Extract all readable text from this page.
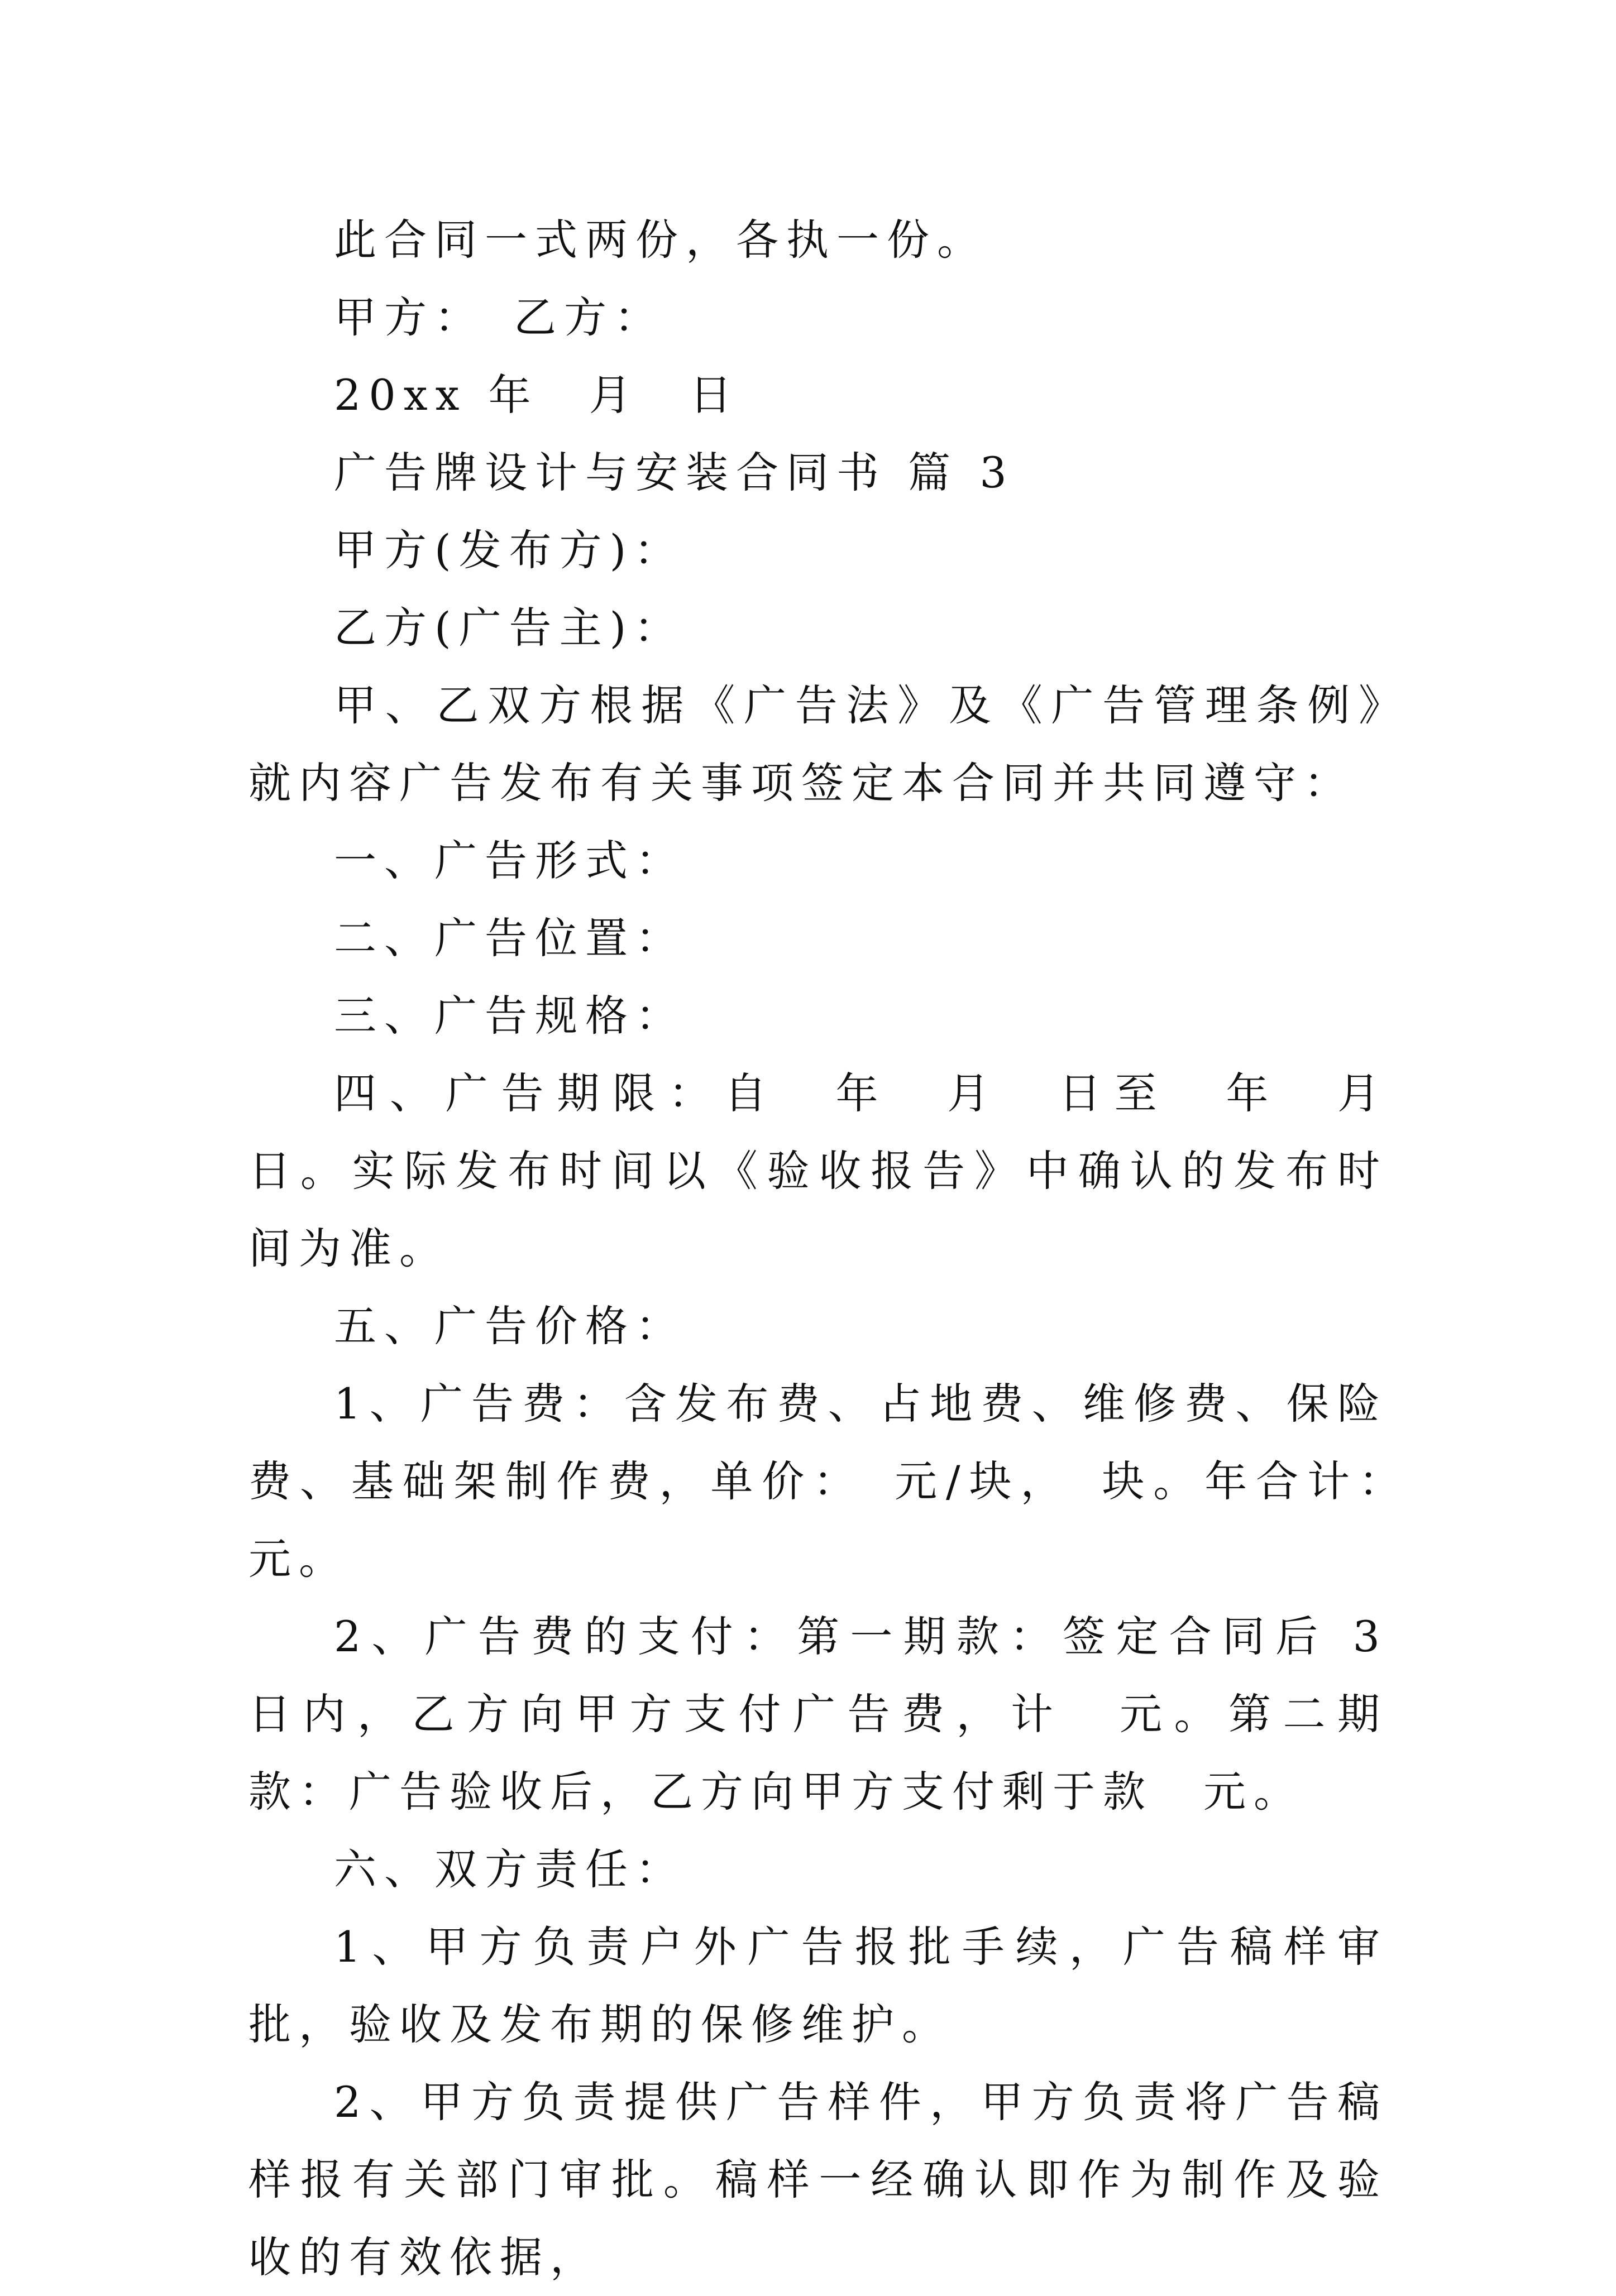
此合同一式两份，各执一份。

甲方：　乙方：

20xx 年　月　日

广告牌设计与安装合同书 篇 3

甲方(发布方)：

乙方(广告主)：

甲、乙双方根据《广告法》及《广告管理条例》就内容广告发布有关事项签定本合同并共同遵守：

一、广告形式：

二、广告位置：

三、广告规格：

四、广告期限：自　年　月　日至　年　月　日。实际发布时间以《验收报告》中确认的发布时间为准。

五、广告价格：

1、广告费：含发布费、占地费、维修费、保险费、基础架制作费，单价：　元/块，　块。年合计：　元。

2、广告费的支付：第一期款：签定合同后 3 日内，乙方向甲方支付广告费，计　元。第二期款：广告验收后，乙方向甲方支付剩于款　元。

六、双方责任：

1、甲方负责户外广告报批手续，广告稿样审批，验收及发布期的保修维护。

2、甲方负责提供广告样件，甲方负责将广告稿样报有关部门审批。稿样一经确认即作为制作及验收的有效依据，
